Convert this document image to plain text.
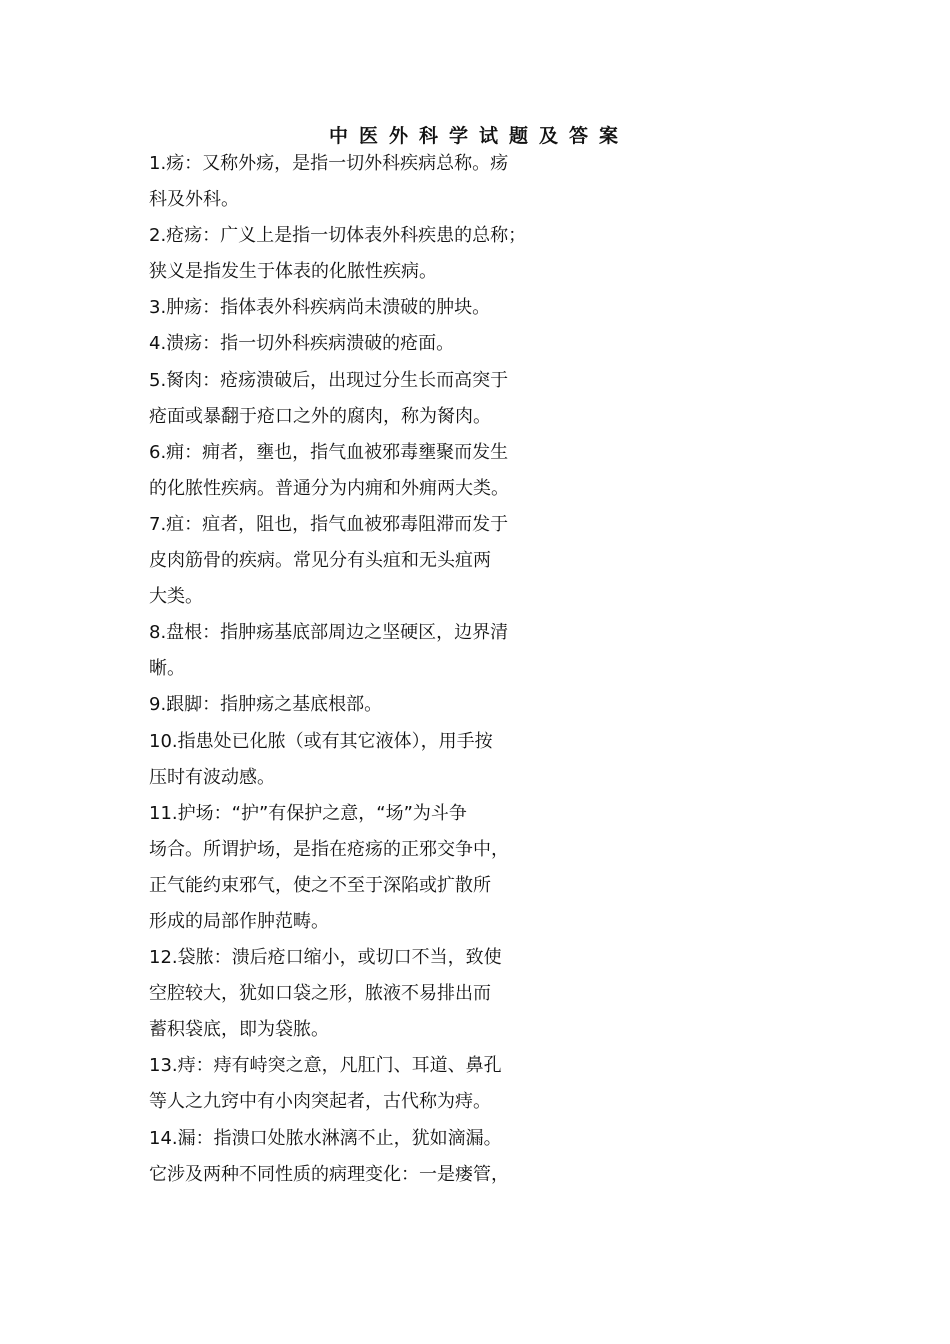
中医外科学试题及答案
1.疡：又称外疡，是指一切外科疾病总称。疡
科及外科。
2.疮疡：广义上是指一切体表外科疾患的总称；
狭义是指发生于体表的化脓性疾病。
3.肿疡：指体表外科疾病尚未溃破的肿块。
4.溃疡：指一切外科疾病溃破的疮面。
5.胬肉：疮疡溃破后，出现过分生长而高突于
疮面或暴翻于疮口之外的腐肉，称为胬肉。
6.痈：痈者，壅也，指气血被邪毒壅聚而发生
的化脓性疾病。普通分为内痈和外痈两大类。
7.疽：疽者，阻也，指气血被邪毒阻滞而发于
皮肉筋骨的疾病。常见分有头疽和无头疽两
大类。
8.盘根：指肿疡基底部周边之坚硬区，边界清
晰。
9.跟脚：指肿疡之基底根部。
10.指患处已化脓（或有其它液体），用手按
压时有波动感。
11.护场：“护”有保护之意，“场”为斗争
场合。所谓护场，是指在疮疡的正邪交争中，
正气能约束邪气，使之不至于深陷或扩散所
形成的局部作肿范畴。
12.袋脓：溃后疮口缩小，或切口不当，致使
空腔较大，犹如口袋之形，脓液不易排出而
蓄积袋底，即为袋脓。
13.痔：痔有峙突之意，凡肛门、耳道、鼻孔
等人之九窍中有小肉突起者，古代称为痔。
14.漏：指溃口处脓水淋漓不止，犹如滴漏。
它涉及两种不同性质的病理变化：一是瘘管，
